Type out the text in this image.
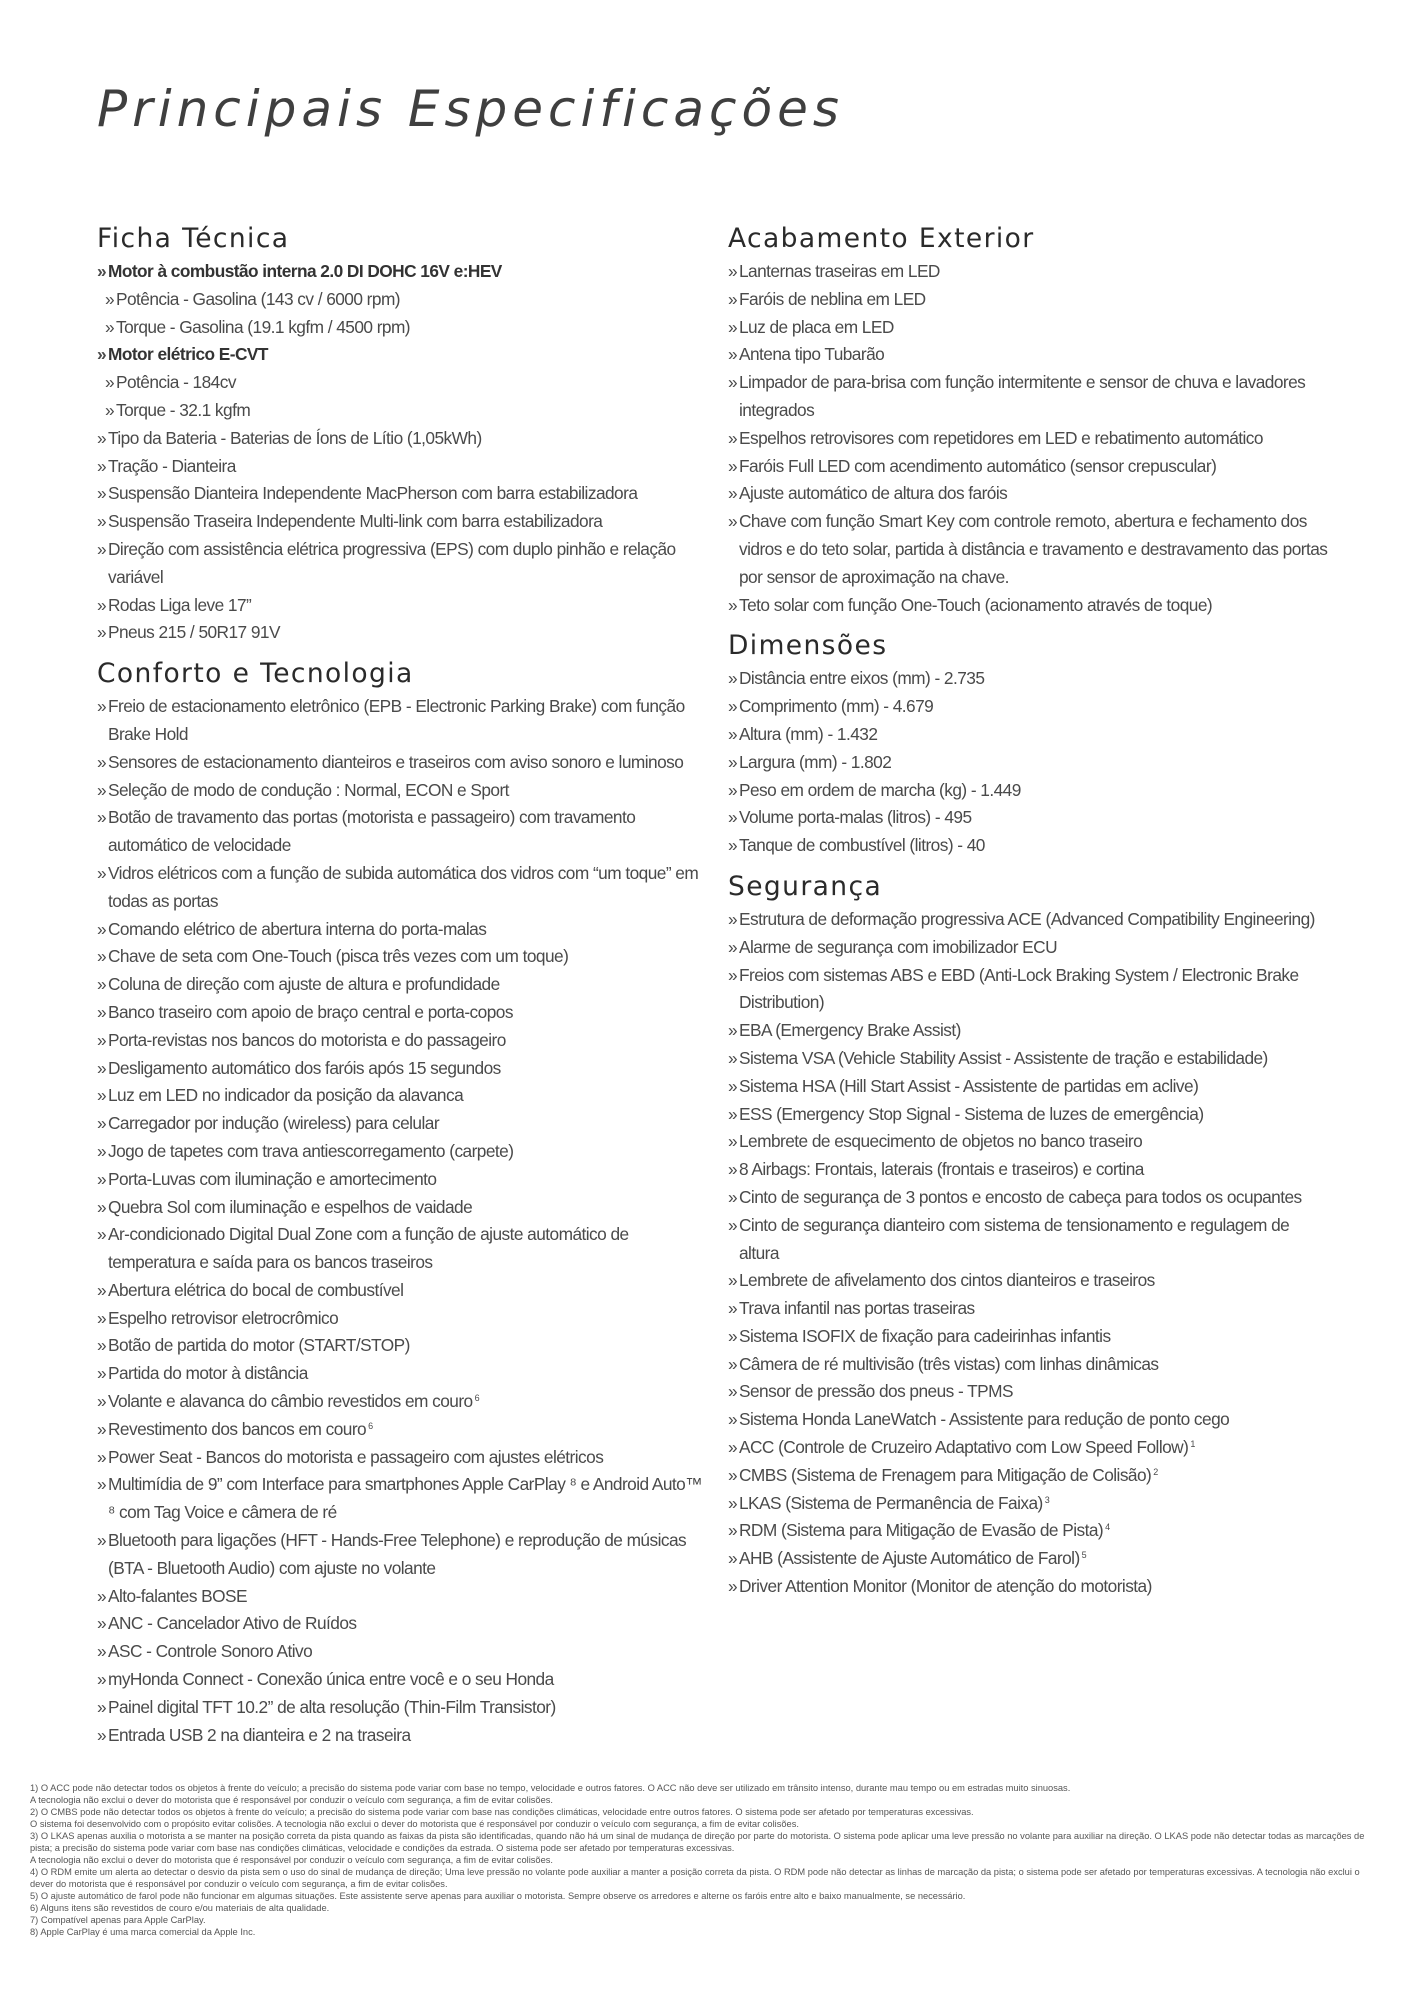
Principais Especificações
Ficha Técnica
» Motor à combustão interna 2.0 DI DOHC 16V e:HEV
» Potência - Gasolina (143 cv / 6000 rpm)
» Torque - Gasolina (19.1 kgfm / 4500 rpm)
» Motor elétrico E-CVT
» Potência - 184cv
» Torque - 32.1 kgfm
» Tipo da Bateria - Baterias de Íons de Lítio (1,05kWh)
» Tração - Dianteira
» Suspensão Dianteira Independente MacPherson com barra estabilizadora
» Suspensão Traseira Independente Multi-link com barra estabilizadora
» Direção com assistência elétrica progressiva (EPS) com duplo pinhão e relação variável
» Rodas Liga leve 17”
» Pneus 215 / 50R17 91V
Conforto e Tecnologia
» Freio de estacionamento eletrônico (EPB - Electronic Parking Brake) com função Brake Hold
» Sensores de estacionamento dianteiros e traseiros com aviso sonoro e luminoso
» Seleção de modo de condução : Normal, ECON e Sport
» Botão de travamento das portas (motorista e passageiro) com travamento automático de velocidade
» Vidros elétricos com a função de subida automática dos vidros com “um toque” em todas as portas
» Comando elétrico de abertura interna do porta-malas
» Chave de seta com One-Touch (pisca três vezes com um toque)
» Coluna de direção com ajuste de altura e profundidade
» Banco traseiro com apoio de braço central e porta-copos
» Porta-revistas nos bancos do motorista e do passageiro
» Desligamento automático dos faróis após 15 segundos
» Luz em LED no indicador da posição da alavanca
» Carregador por indução (wireless) para celular
» Jogo de tapetes com trava antiescorregamento (carpete)
» Porta-Luvas com iluminação e amortecimento
» Quebra Sol com iluminação e espelhos de vaidade
» Ar-condicionado Digital Dual Zone com a função de ajuste automático de temperatura e saída para os bancos traseiros
» Abertura elétrica do bocal de combustível
» Espelho retrovisor eletrocrômico
» Botão de partida do motor (START/STOP)
» Partida do motor à distância
» Volante e alavanca do câmbio revestidos em couro $^6$
» Revestimento dos bancos em couro $^6$
» Power Seat - Bancos do motorista e passageiro com ajustes elétricos
» Multimídia de 9” com Interface para smartphones Apple CarPlay ⁸ e Android Auto™ ⁸ com Tag Voice e câmera de ré
» Bluetooth para ligações (HFT - Hands-Free Telephone) e reprodução de músicas (BTA - Bluetooth Audio) com ajuste no volante
» Alto-falantes BOSE
» ANC - Cancelador Ativo de Ruídos
» ASC - Controle Sonoro Ativo
» myHonda Connect - Conexão única entre você e o seu Honda
» Painel digital TFT 10.2” de alta resolução (Thin-Film Transistor)
» Entrada USB 2 na dianteira e 2 na traseira
Acabamento Exterior
» Lanternas traseiras em LED
» Faróis de neblina em LED
» Luz de placa em LED
» Antena tipo Tubarão
» Limpador de para-brisa com função intermitente e sensor de chuva e lavadores integrados
» Espelhos retrovisores com repetidores em LED e rebatimento automático
» Faróis Full LED com acendimento automático (sensor crepuscular)
» Ajuste automático de altura dos faróis
» Chave com função Smart Key com controle remoto, abertura e fechamento dos vidros e do teto solar, partida à distância e travamento e destravamento das portas por sensor de aproximação na chave.
» Teto solar com função One-Touch (acionamento através de toque)
Dimensões
» Distância entre eixos (mm) - 2.735
» Comprimento (mm) - 4.679
» Altura (mm) - 1.432
» Largura (mm) - 1.802
» Peso em ordem de marcha (kg) - 1.449
» Volume porta-malas (litros) - 495
» Tanque de combustível (litros) - 40
Segurança
» Estrutura de deformação progressiva ACE (Advanced Compatibility Engineering)
» Alarme de segurança com imobilizador ECU
» Freios com sistemas ABS e EBD (Anti-Lock Braking System / Electronic Brake Distribution)
» EBA (Emergency Brake Assist)
» Sistema VSA (Vehicle Stability Assist - Assistente de tração e estabilidade)
» Sistema HSA (Hill Start Assist - Assistente de partidas em aclive)
» ESS (Emergency Stop Signal - Sistema de luzes de emergência)
» Lembrete de esquecimento de objetos no banco traseiro
» 8 Airbags: Frontais, laterais (frontais e traseiros) e cortina
» Cinto de segurança de 3 pontos e encosto de cabeça para todos os ocupantes
» Cinto de segurança dianteiro com sistema de tensionamento e regulagem de altura
» Lembrete de afivelamento dos cintos dianteiros e traseiros
» Trava infantil nas portas traseiras
» Sistema ISOFIX de fixação para cadeirinhas infantis
» Câmera de ré multivisão (três vistas) com linhas dinâmicas
» Sensor de pressão dos pneus - TPMS
» Sistema Honda LaneWatch - Assistente para redução de ponto cego
» ACC (Controle de Cruzeiro Adaptativo com Low Speed Follow) $^1$
» CMBS (Sistema de Frenagem para Mitigação de Colisão) $^2$
» LKAS (Sistema de Permanência de Faixa) $^3$
» RDM (Sistema para Mitigação de Evasão de Pista) $^4$
» AHB (Assistente de Ajuste Automático de Farol) $^5$
» Driver Attention Monitor (Monitor de atenção do motorista)

1) O ACC pode não detectar todos os objetos à frente do veículo; a precisão do sistema pode variar com base no tempo, velocidade e outros fatores. O ACC não deve ser utilizado em trânsito intenso, durante mau tempo ou em estradas muito sinuosas.

A tecnologia não exclui o dever do motorista que é responsável por conduzir o veículo com segurança, a fim de evitar colisões.

2) O CMBS pode não detectar todos os objetos à frente do veículo; a precisão do sistema pode variar com base nas condições climáticas, velocidade entre outros fatores. O sistema pode ser afetado por temperaturas excessivas.

O sistema foi desenvolvido com o propósito evitar colisões. A tecnologia não exclui o dever do motorista que é responsável por conduzir o veículo com segurança, a fim de evitar colisões.

3) O LKAS apenas auxilia o motorista a se manter na posição correta da pista quando as faixas da pista são identificadas, quando não há um sinal de mudança de direção por parte do motorista. O sistema pode aplicar uma leve pressão no volante para auxiliar na direção. O LKAS pode não detectar todas as marcações de pista; a precisão do sistema pode variar com base nas condições climáticas, velocidade e condições da estrada. O sistema pode ser afetado por temperaturas excessivas.

A tecnologia não exclui o dever do motorista que é responsável por conduzir o veículo com segurança, a fim de evitar colisões.

4) O RDM emite um alerta ao detectar o desvio da pista sem o uso do sinal de mudança de direção; Uma leve pressão no volante pode auxiliar a manter a posição correta da pista. O RDM pode não detectar as linhas de marcação da pista; o sistema pode ser afetado por temperaturas excessivas. A tecnologia não exclui o dever do motorista que é responsável por conduzir o veículo com segurança, a fim de evitar colisões.

5) O ajuste automático de farol pode não funcionar em algumas situações. Este assistente serve apenas para auxiliar o motorista. Sempre observe os arredores e alterne os faróis entre alto e baixo manualmente, se necessário.

6) Alguns itens são revestidos de couro e/ou materiais de alta qualidade.

7) Compatível apenas para Apple CarPlay.

8) Apple CarPlay é uma marca comercial da Apple Inc.
